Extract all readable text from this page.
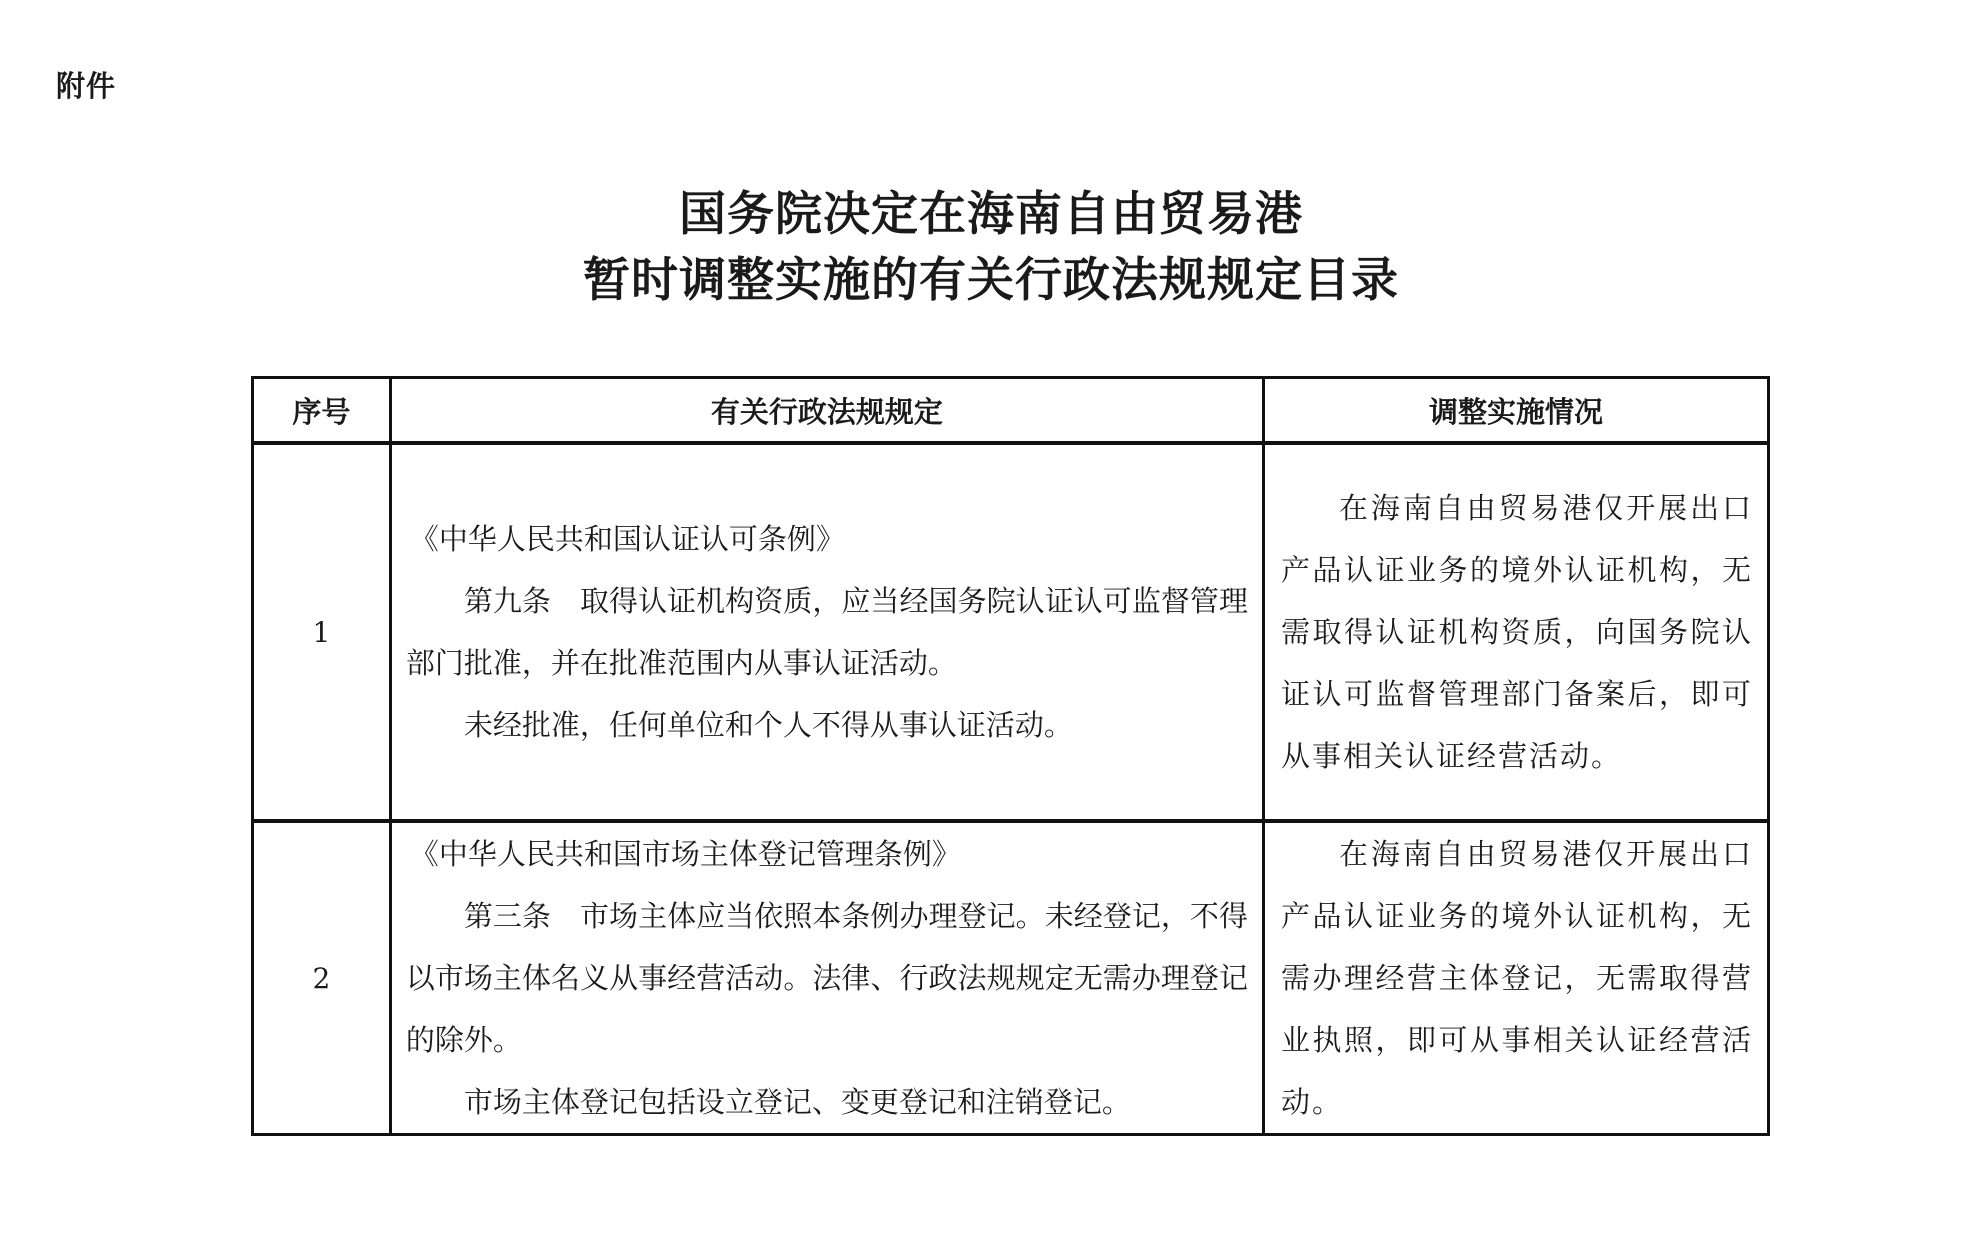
附件
国务院决定在海南自由贸易港
暂时调整实施的有关行政法规规定目录
序号	有关行政法规规定	调整实施情况
1	《中华人民共和国认证认可条例》

第九条　取得认证机构资质，应当经国务院认证认可监督管理部门批准，并在批准范围内从事认证活动。

未经批准，任何单位和个人不得从事认证活动。	在海南自由贸易港仅开展出口产品认证业务的境外认证机构，无需取得认证机构资质，向国务院认证认可监督管理部门备案后，即可从事相关认证经营活动。

2	《中华人民共和国市场主体登记管理条例》

第三条　市场主体应当依照本条例办理登记。未经登记，不得以市场主体名义从事经营活动。法律、行政法规规定无需办理登记的除外。

市场主体登记包括设立登记、变更登记和注销登记。	在海南自由贸易港仅开展出口产品认证业务的境外认证机构，无需办理经营主体登记，无需取得营业执照，即可从事相关认证经营活动。
